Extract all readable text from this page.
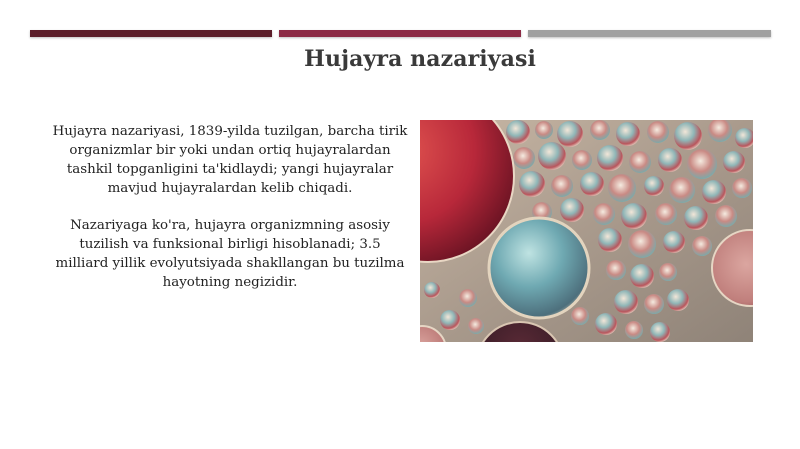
Hujayra nazariyasi

Hujayra nazariyasi, 1839-yilda tuzilgan, barcha tirik organizmlar bir yoki undan ortiq hujayralardan tashkil topganligini ta'kidlaydi; yangi hujayralar mavjud hujayralardan kelib chiqadi.

Nazariyaga ko'ra, hujayra organizmning asosiy tuzilish va funksional birligi hisoblanadi; 3.5 milliard yillik evolyutsiyada shakllangan bu tuzilma hayotning negizidir.
